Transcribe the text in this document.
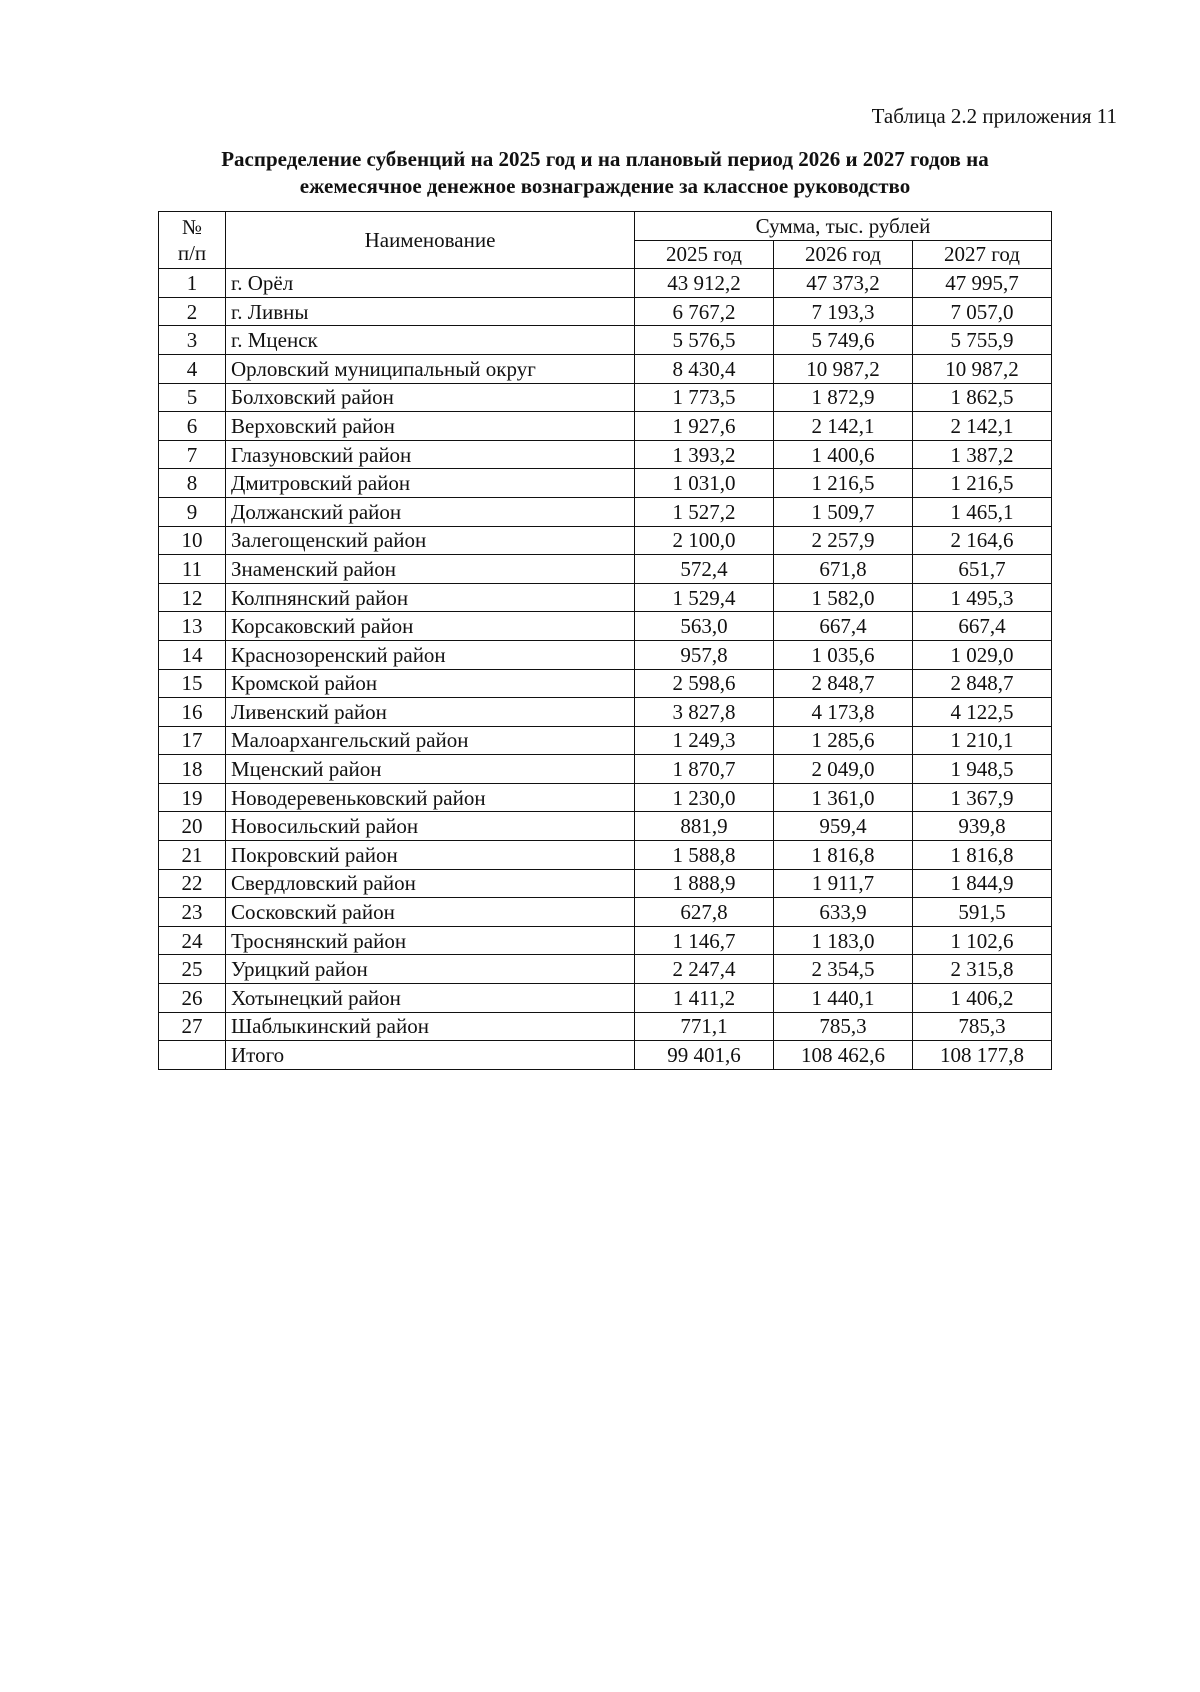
Таблица 2.2 приложения 11
Распределение субвенций на 2025 год и на плановый период 2026 и 2027 годов на
ежемесячное денежное вознаграждение за классное руководство
№
п/п	Наименование	Сумма, тыс. рублей		
		2025 год	2026 год	2027 год
1	г. Орёл	43 912,2	47 373,2	47 995,7
2	г. Ливны	6 767,2	7 193,3	7 057,0
3	г. Мценск	5 576,5	5 749,6	5 755,9
4	Орловский муниципальный округ	8 430,4	10 987,2	10 987,2
5	Болховский район	1 773,5	1 872,9	1 862,5
6	Верховский район	1 927,6	2 142,1	2 142,1
7	Глазуновский район	1 393,2	1 400,6	1 387,2
8	Дмитровский район	1 031,0	1 216,5	1 216,5
9	Должанский район	1 527,2	1 509,7	1 465,1
10	Залегощенский район	2 100,0	2 257,9	2 164,6
11	Знаменский район	572,4	671,8	651,7
12	Колпнянский район	1 529,4	1 582,0	1 495,3
13	Корсаковский район	563,0	667,4	667,4
14	Краснозоренский район	957,8	1 035,6	1 029,0
15	Кромской район	2 598,6	2 848,7	2 848,7
16	Ливенский район	3 827,8	4 173,8	4 122,5
17	Малоархангельский район	1 249,3	1 285,6	1 210,1
18	Мценский район	1 870,7	2 049,0	1 948,5
19	Новодеревеньковский район	1 230,0	1 361,0	1 367,9
20	Новосильский район	881,9	959,4	939,8
21	Покровский район	1 588,8	1 816,8	1 816,8
22	Свердловский район	1 888,9	1 911,7	1 844,9
23	Сосковский район	627,8	633,9	591,5
24	Троснянский район	1 146,7	1 183,0	1 102,6
25	Урицкий район	2 247,4	2 354,5	2 315,8
26	Хотынецкий район	1 411,2	1 440,1	1 406,2
27	Шаблыкинский район	771,1	785,3	785,3
	Итого	99 401,6	108 462,6	108 177,8
